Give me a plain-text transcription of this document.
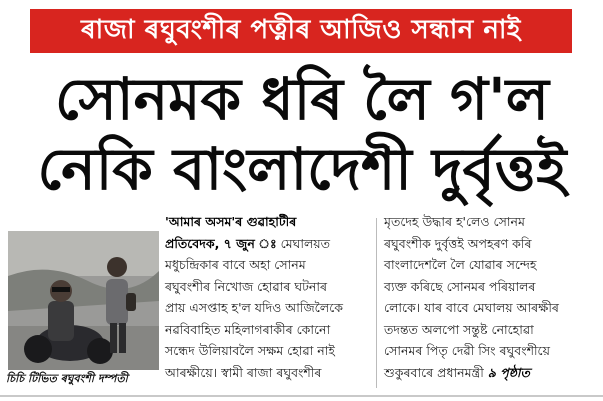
ৰাজা ৰঘুবংশীৰ পত্নীৰ আজিও সন্ধান নাই
সোনমক ধৰি লৈ গ'ল
নেকি বাংলাদেশী দুৰ্বৃত্তই
চিচি টিভিত ৰঘুবংশী দম্পতী
'আমাৰ অসম'ৰ গুৱাহাটীৰ
প্ৰতিবেদক, ৭ জুন ঃ মেঘালয়ত
মধুচন্দ্ৰিকাৰ বাবে অহা সোনম
ৰঘুবংশীৰ নিখোজ হোৱাৰ ঘটনাৰ
প্ৰায় এসপ্তাহ হ'ল যদিও আজিলৈকে
নৱবিবাহিত মহিলাগৰাকীৰ কোনো
সন্ধেদ উলিয়াবলৈ সক্ষম হোৱা নাই
আৰক্ষীয়ে। স্বামী ৰাজা ৰঘুবংশীৰ
মৃতদেহ উদ্ধাৰ হ'লেও সোনম
ৰঘুবংশীক দুৰ্বৃত্তই অপহৰণ কৰি
বাংলাদেশলৈ লৈ যোৱাৰ সন্দেহ
ব্যক্ত কৰিছে সোনমৰ পৰিয়ালৰ
লোকে। যাৰ বাবে মেঘালয় আৰক্ষীৰ
তদন্তত অলপো সন্তুষ্ট নোহোৱা
সোনমৰ পিতৃ দেৱী সিং ৰঘুবংশীয়ে
শুকুৰবাৰে প্ৰধানমন্ত্ৰী ৯ পৃষ্ঠাত
